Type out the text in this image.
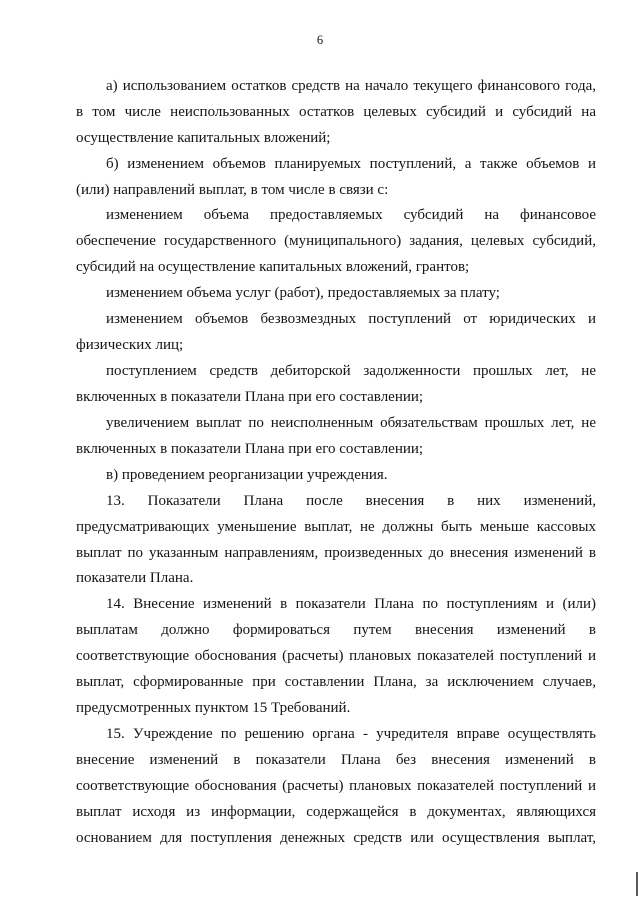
6
а) использованием остатков средств на начало текущего финансового года,
в том числе неиспользованных остатков целевых субсидий и субсидий на
осуществление капитальных вложений;
б) изменением объемов планируемых поступлений, а также объемов и
(или) направлений выплат, в том числе в связи с:
изменением объема предоставляемых субсидий на финансовое
обеспечение государственного (муниципального) задания, целевых субсидий,
субсидий на осуществление капитальных вложений, грантов;
изменением объема услуг (работ), предоставляемых за плату;
изменением объемов безвозмездных поступлений от юридических и
физических лиц;
поступлением средств дебиторской задолженности прошлых лет, не
включенных в показатели Плана при его составлении;
увеличением выплат по неисполненным обязательствам прошлых лет, не
включенных в показатели Плана при его составлении;
в) проведением реорганизации учреждения.
13. Показатели Плана после внесения в них изменений,
предусматривающих уменьшение выплат, не должны быть меньше кассовых
выплат по указанным направлениям, произведенных до внесения изменений в
показатели Плана.
14. Внесение изменений в показатели Плана по поступлениям и (или)
выплатам должно формироваться путем внесения изменений в
соответствующие обоснования (расчеты) плановых показателей поступлений и
выплат, сформированные при составлении Плана, за исключением случаев,
предусмотренных пунктом 15 Требований.
15. Учреждение по решению органа - учредителя вправе осуществлять
внесение изменений в показатели Плана без внесения изменений в
соответствующие обоснования (расчеты) плановых показателей поступлений и
выплат исходя из информации, содержащейся в документах, являющихся
основанием для поступления денежных средств или осуществления выплат,
